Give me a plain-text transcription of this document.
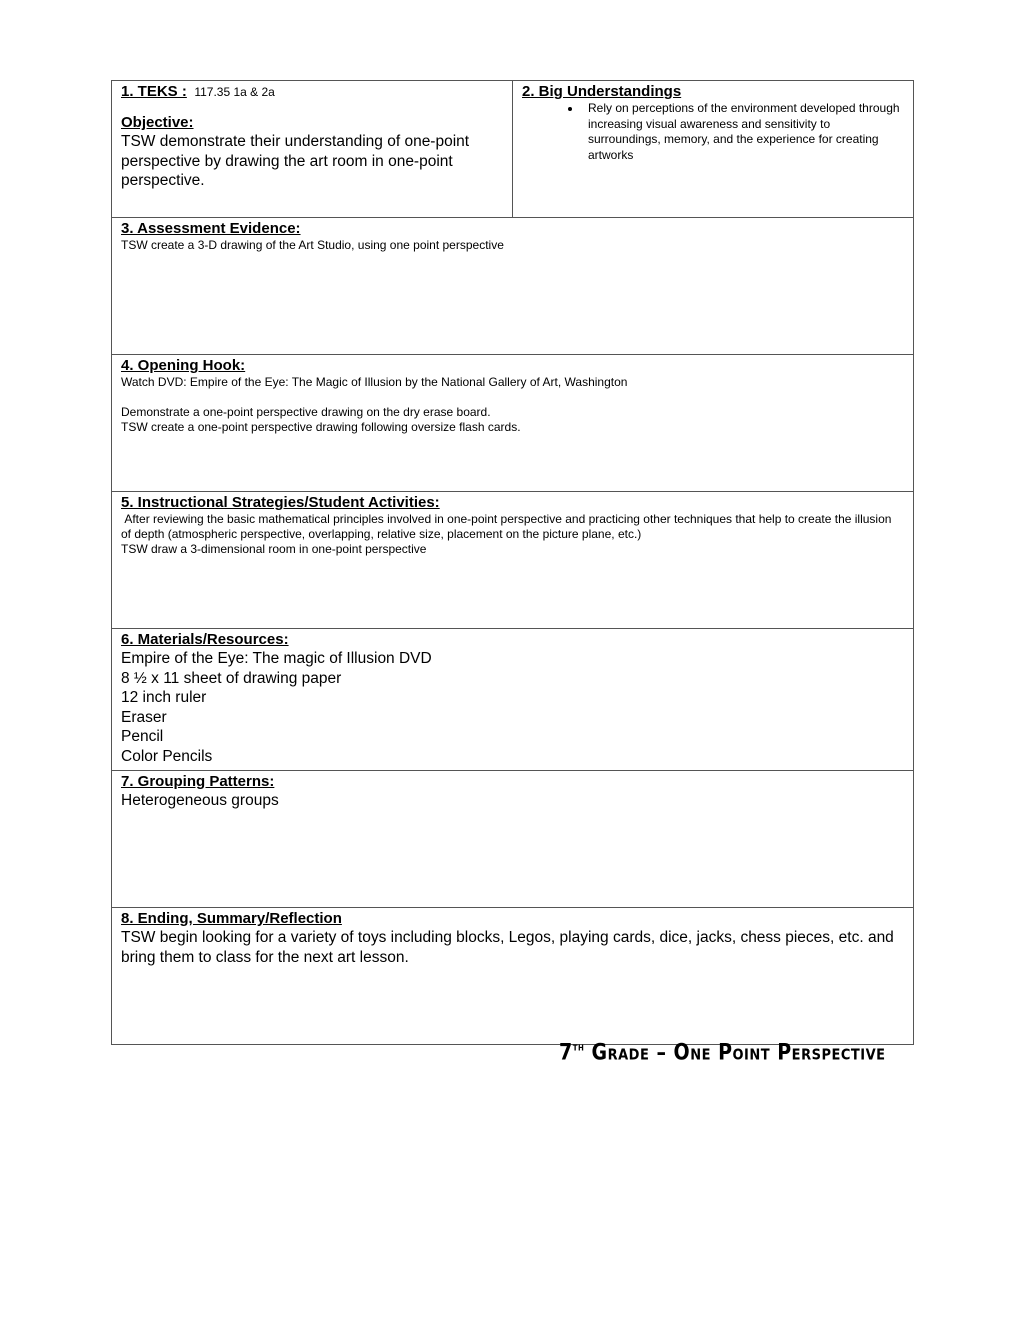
1. TEKS : 117.35 1a & 2a
Objective:
TSW demonstrate their understanding of one-point perspective by drawing the art room in one-point perspective.

2. Big Understandings
• Rely on perceptions of the environment developed through increasing visual awareness and sensitivity to surroundings, memory, and the experience for creating artworks

3. Assessment Evidence:
TSW create a 3-D drawing of the Art Studio, using one point perspective

4. Opening Hook:
Watch DVD: Empire of the Eye: The Magic of Illusion by the National Gallery of Art, Washington
Demonstrate a one-point perspective drawing on the dry erase board.
TSW create a one-point perspective drawing following oversize flash cards.

5. Instructional Strategies/Student Activities:
After reviewing the basic mathematical principles involved in one-point perspective and practicing other techniques that help to create the illusion of depth (atmospheric perspective, overlapping, relative size, placement on the picture plane, etc.)
TSW draw a 3-dimensional room in one-point perspective

6. Materials/Resources:
Empire of the Eye: The magic of Illusion DVD
8 ½ x 11 sheet of drawing paper
12 inch ruler
Eraser
Pencil
Color Pencils

7. Grouping Patterns:
Heterogeneous groups

8. Ending, Summary/Reflection
TSW begin looking for a variety of toys including blocks, Legos, playing cards, dice, jacks, chess pieces, etc. and bring them to class for the next art lesson.
7th Grade – One Point Perspective
